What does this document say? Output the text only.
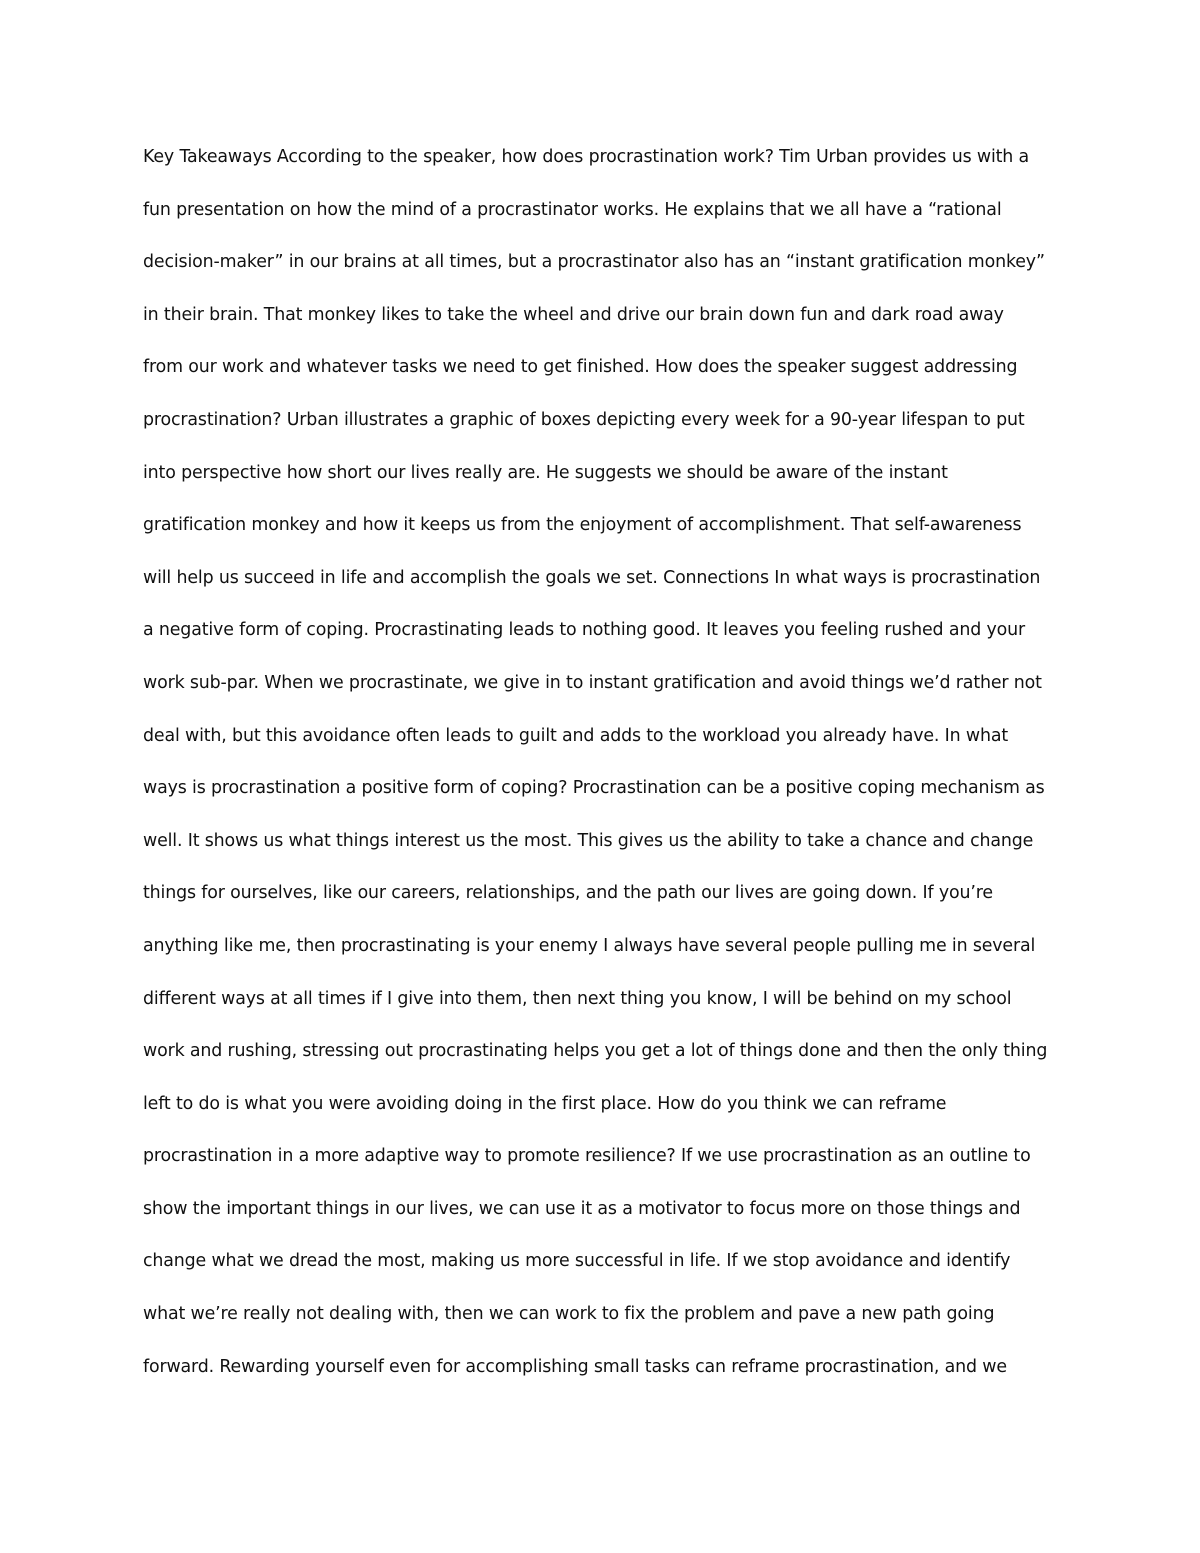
Key Takeaways According to the speaker, how does procrastination work? Tim Urban provides us with a
fun presentation on how the mind of a procrastinator works. He explains that we all have a “rational
decision-maker” in our brains at all times, but a procrastinator also has an “instant gratification monkey”
in their brain. That monkey likes to take the wheel and drive our brain down fun and dark road away
from our work and whatever tasks we need to get finished. How does the speaker suggest addressing
procrastination? Urban illustrates a graphic of boxes depicting every week for a 90-year lifespan to put
into perspective how short our lives really are. He suggests we should be aware of the instant
gratification monkey and how it keeps us from the enjoyment of accomplishment. That self-awareness
will help us succeed in life and accomplish the goals we set. Connections In what ways is procrastination
a negative form of coping. Procrastinating leads to nothing good. It leaves you feeling rushed and your
work sub-par. When we procrastinate, we give in to instant gratification and avoid things we’d rather not
deal with, but this avoidance often leads to guilt and adds to the workload you already have. In what
ways is procrastination a positive form of coping? Procrastination can be a positive coping mechanism as
well. It shows us what things interest us the most. This gives us the ability to take a chance and change
things for ourselves, like our careers, relationships, and the path our lives are going down. If you’re
anything like me, then procrastinating is your enemy I always have several people pulling me in several
different ways at all times if I give into them, then next thing you know, I will be behind on my school
work and rushing, stressing out procrastinating helps you get a lot of things done and then the only thing
left to do is what you were avoiding doing in the first place. How do you think we can reframe
procrastination in a more adaptive way to promote resilience? If we use procrastination as an outline to
show the important things in our lives, we can use it as a motivator to focus more on those things and
change what we dread the most, making us more successful in life. If we stop avoidance and identify
what we’re really not dealing with, then we can work to fix the problem and pave a new path going
forward. Rewarding yourself even for accomplishing small tasks can reframe procrastination, and we
